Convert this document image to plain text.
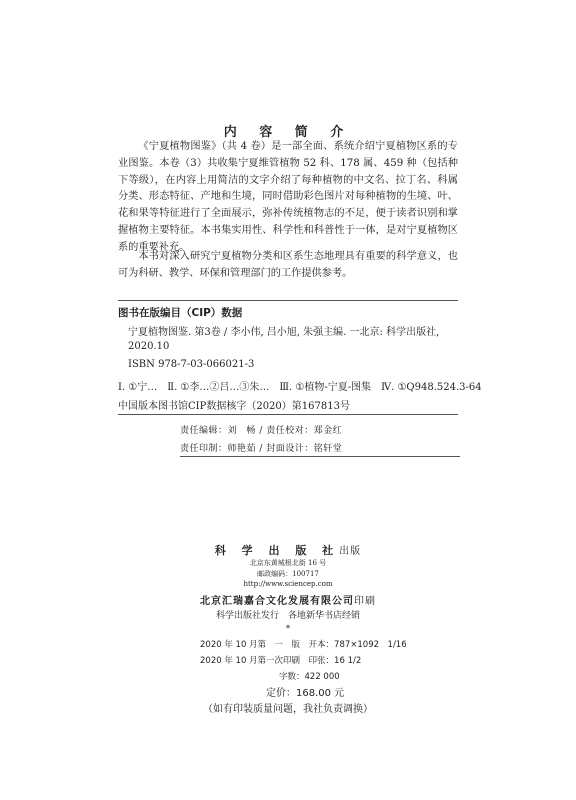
内 容 简 介

《宁夏植物图鉴》（共 4 卷）是一部全面、系统介绍宁夏植物区系的专业图鉴。本卷（3）共收集宁夏维管植物 52 科、178 属、459 种（包括种下等级），在内容上用简洁的文字介绍了每种植物的中文名、拉丁名、科属分类、形态特征、产地和生境，同时借助彩色图片对每种植物的生境、叶、花和果等特征进行了全面展示，弥补传统植物志的不足，便于读者识别和掌握植物主要特征。本书集实用性、科学性和科普性于一体，是对宁夏植物区系的重要补充。

本书对深入研究宁夏植物分类和区系生态地理具有重要的科学意义，也可为科研、教学、环保和管理部门的工作提供参考。

图书在版编目（CIP）数据
宁夏植物图鉴. 第3卷 / 李小伟, 吕小旭, 朱强主编. 一北京: 科学出版社,
2020.10
ISBN 978-7-03-066021-3
Ⅰ. ①宁…　Ⅱ. ①李…②吕…③朱…　Ⅲ. ①植物-宁夏-图集　Ⅳ. ①Q948.524.3-64
中国版本图书馆CIP数据核字（2020）第167813号
责任编辑：刘　畅 / 责任校对：郑金红
责任印制：师艳茹 / 封面设计：铭轩堂
科 学 出 版 社出版
北京东黄城根北街 16 号
邮政编码：100717
http://www.sciencep.com
北京汇瑞嘉合文化发展有限公司印刷
科学出版社发行　各地新华书店经销
*
2020 年 10 月第　一　版　开本：787×1092　1/16
2020 年 10 月第一次印刷　印张：16 1/2
字数：422 000
定价：168.00 元
（如有印装质量问题，我社负责调换）
